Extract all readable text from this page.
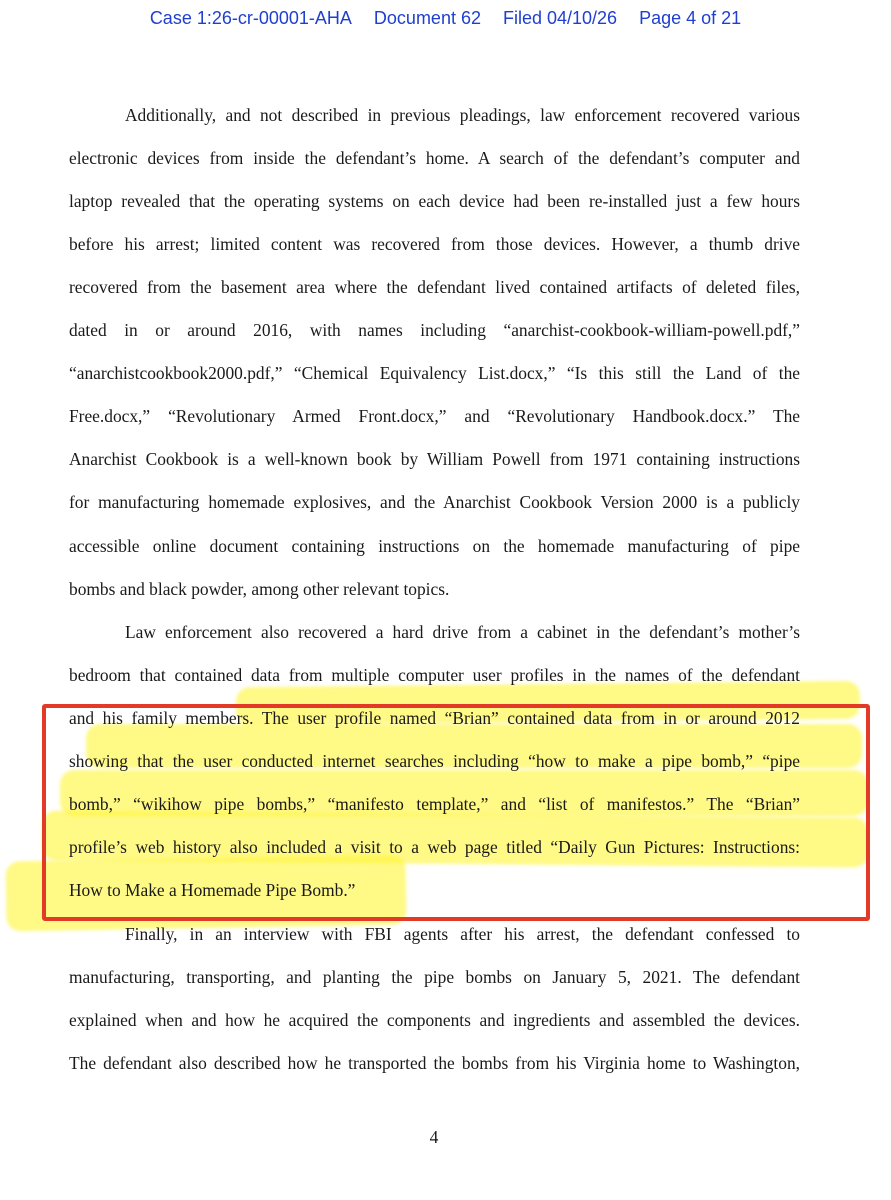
Case 1:26-cr-00001-AHA Document 62 Filed 04/10/26 Page 4 of 21
Additionally, and not described in previous pleadings, law enforcement recovered various
electronic devices from inside the defendant’s home. A search of the defendant’s computer and
laptop revealed that the operating systems on each device had been re-installed just a few hours
before his arrest; limited content was recovered from those devices. However, a thumb drive
recovered from the basement area where the defendant lived contained artifacts of deleted files,
dated in or around 2016, with names including “anarchist-cookbook-william-powell.pdf,”
“anarchistcookbook2000.pdf,” “Chemical Equivalency List.docx,” “Is this still the Land of the
Free.docx,” “Revolutionary Armed Front.docx,” and “Revolutionary Handbook.docx.” The
Anarchist Cookbook is a well-known book by William Powell from 1971 containing instructions
for manufacturing homemade explosives, and the Anarchist Cookbook Version 2000 is a publicly
accessible online document containing instructions on the homemade manufacturing of pipe
bombs and black powder, among other relevant topics.
Law enforcement also recovered a hard drive from a cabinet in the defendant’s mother’s
bedroom that contained data from multiple computer user profiles in the names of the defendant
and his family members. The user profile named “Brian” contained data from in or around 2012
showing that the user conducted internet searches including “how to make a pipe bomb,” “pipe
bomb,” “wikihow pipe bombs,” “manifesto template,” and “list of manifestos.” The “Brian”
profile’s web history also included a visit to a web page titled “Daily Gun Pictures: Instructions:
How to Make a Homemade Pipe Bomb.”
Finally, in an interview with FBI agents after his arrest, the defendant confessed to
manufacturing, transporting, and planting the pipe bombs on January 5, 2021. The defendant
explained when and how he acquired the components and ingredients and assembled the devices.
The defendant also described how he transported the bombs from his Virginia home to Washington,
4
